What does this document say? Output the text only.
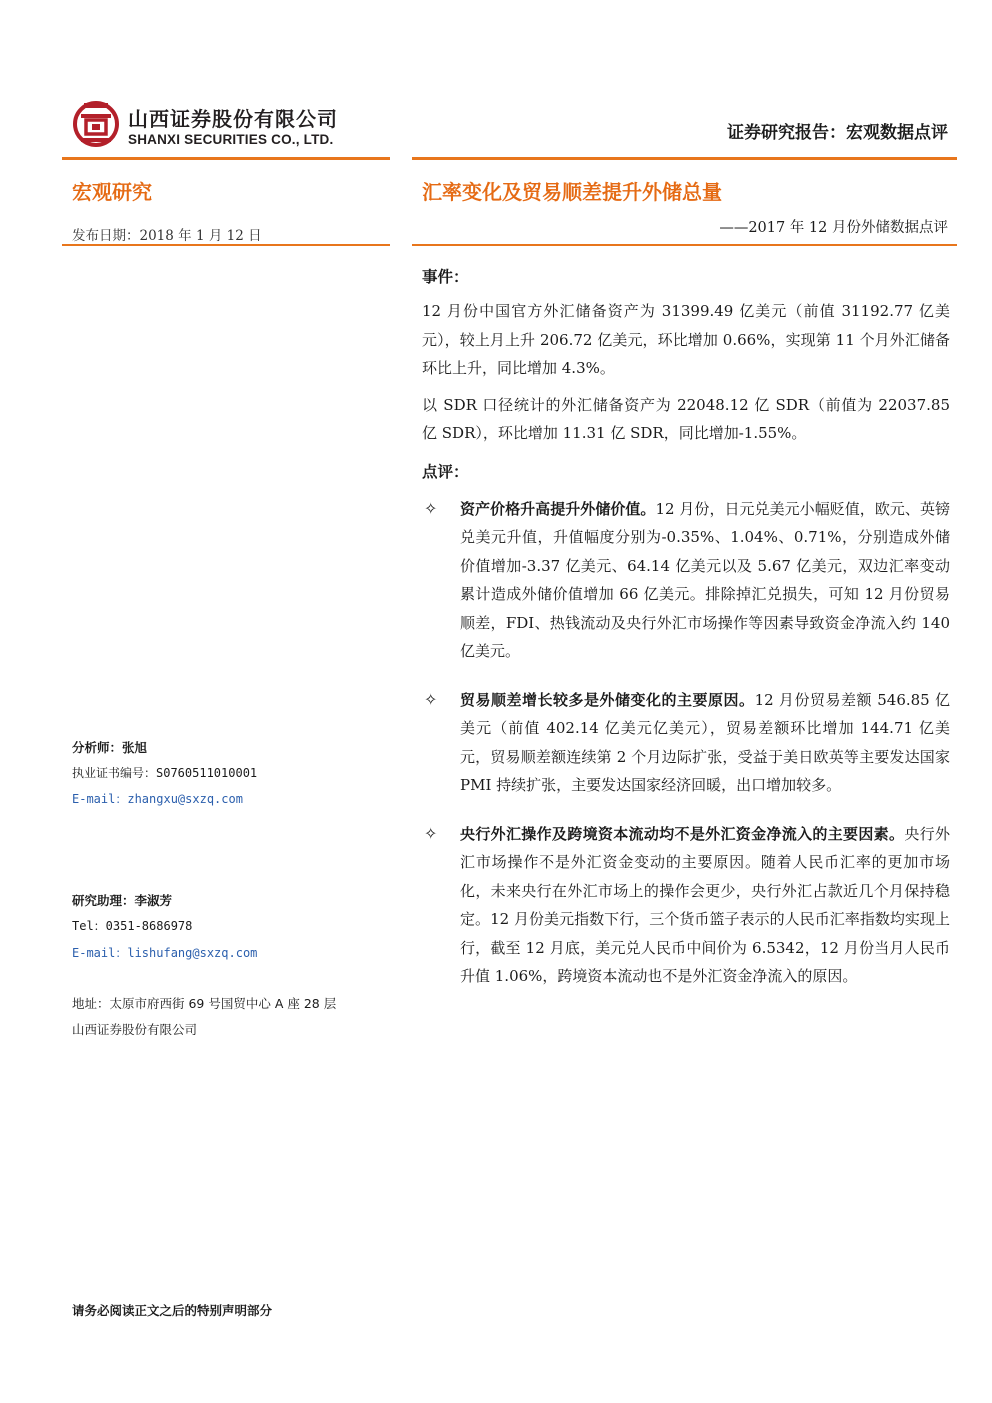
山西证券股份有限公司
SHANXI SECURITIES CO., LTD.	证券研究报告：宏观数据点评
宏观研究
发布日期：2018 年 1 月 12 日
汇率变化及贸易顺差提升外储总量
——2017 年 12 月份外储数据点评
分析师：张旭
执业证书编号：S0760511010001
E-mail：zhangxu@sxzq.com
研究助理：李淑芳
Tel：0351-8686978
E-mail：lishufang@sxzq.com
地址：太原市府西街 69 号国贸中心 A 座 28 层
山西证券股份有限公司
事件：

12 月份中国官方外汇储备资产为 31399.49 亿美元（前值 31192.77 亿美元），较上月上升 206.72 亿美元，环比增加 0.66%，实现第 11 个月外汇储备环比上升，同比增加 4.3%。

以 SDR 口径统计的外汇储备资产为 22048.12 亿 SDR（前值为 22037.85 亿 SDR），环比增加 11.31 亿 SDR，同比增加-1.55%。

点评：
✧ 资产价格升高提升外储价值。12 月份，日元兑美元小幅贬值，欧元、英镑兑美元升值，升值幅度分别为-0.35%、1.04%、0.71%，分别造成外储价值增加-3.37 亿美元、64.14 亿美元以及 5.67 亿美元，双边汇率变动累计造成外储价值增加 66 亿美元。排除掉汇兑损失，可知 12 月份贸易顺差，FDI、热钱流动及央行外汇市场操作等因素导致资金净流入约 140 亿美元。
✧ 贸易顺差增长较多是外储变化的主要原因。12 月份贸易差额 546.85 亿美元（前值 402.14 亿美元亿美元），贸易差额环比增加 144.71 亿美元，贸易顺差额连续第 2 个月边际扩张，受益于美日欧英等主要发达国家 PMI 持续扩张，主要发达国家经济回暖，出口增加较多。
✧ 央行外汇操作及跨境资本流动均不是外汇资金净流入的主要因素。央行外汇市场操作不是外汇资金变动的主要原因。随着人民币汇率的更加市场化，未来央行在外汇市场上的操作会更少，央行外汇占款近几个月保持稳定。12 月份美元指数下行，三个货币篮子表示的人民币汇率指数均实现上行，截至 12 月底，美元兑人民币中间价为 6.5342，12 月份当月人民币升值 1.06%，跨境资本流动也不是外汇资金净流入的原因。
请务必阅读正文之后的特别声明部分
